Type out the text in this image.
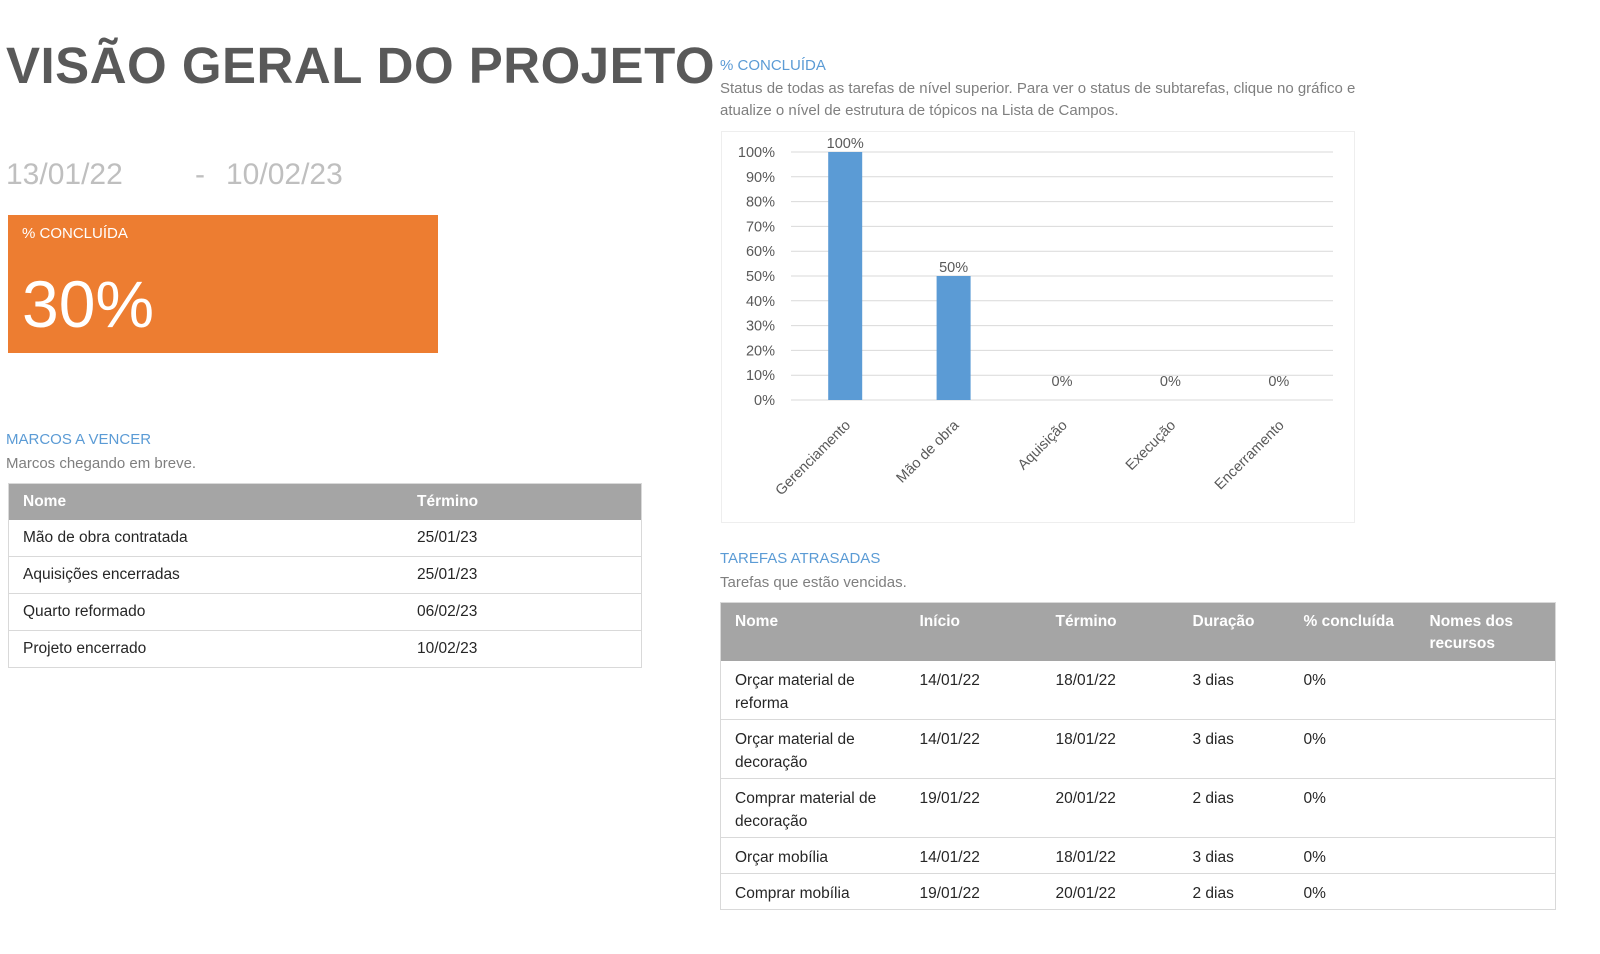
VISÃO GERAL DO PROJETO
13/01/22 - 10/02/23
% CONCLUÍDA
30%
MARCOS A VENCER
Marcos chegando em breve.
Nome	Término
Mão de obra contratada	25/01/23
Aquisições encerradas	25/01/23
Quarto reformado	06/02/23
Projeto encerrado	10/02/23
% CONCLUÍDA
Status de todas as tarefas de nível superior. Para ver o status de subtarefas, clique no gráfico e
atualize o nível de estrutura de tópicos na Lista de Campos.
0%
10%
20%
30%
40%
50%
60%
70%
80%
90%
100%
100%
Gerenciamento
50%
Mão de obra
0%
Aquisição
0%
Execução
0%
Encerramento
TAREFAS ATRASADAS
Tarefas que estão vencidas.
Nome	Início	Término	Duração	% concluída	Nomes dos recursos
Orçar material de reforma	14/01/22	18/01/22	3 dias	0%	
Orçar material de decoração	14/01/22	18/01/22	3 dias	0%	
Comprar material de decoração	19/01/22	20/01/22	2 dias	0%	
Orçar mobília	14/01/22	18/01/22	3 dias	0%	
Comprar mobília	19/01/22	20/01/22	2 dias	0%	
